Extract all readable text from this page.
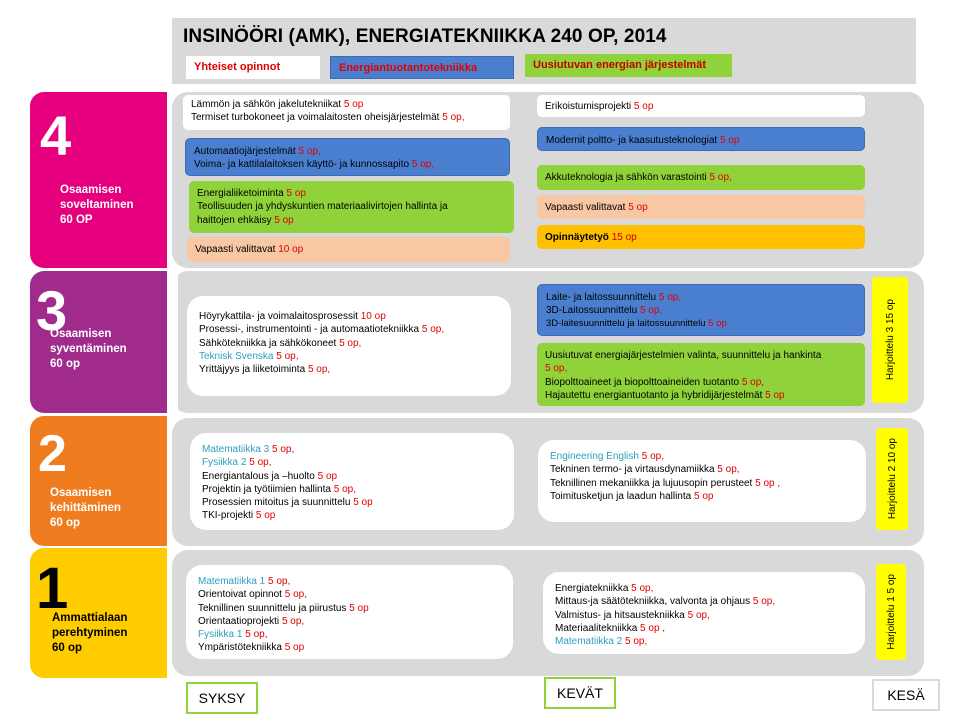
INSINÖÖRI (AMK), ENERGIATEKNIIKKA 240 OP, 2014
Yhteiset opinnot	Energiantuotantotekniikka	Uusiutuvan energian järjestelmät
4
Osaamisen
soveltaminen
60 OP
Lämmön ja sähkön jakelutekniikat 5 op
Termiset turbokoneet ja voimalaitosten oheisjärjestelmät 5 op,
Automaatiojärjestelmät 5 op,
Voima- ja kattilalaitoksen käyttö- ja kunnossapito 5 op,
Energialiiketoiminta 5 op
Teollisuuden ja yhdyskuntien materiaalivirtojen hallinta ja
haittojen ehkäisy 5 op
Vapaasti valittavat 10 op
Erikoistumisprojekti 5 op
Modernit poltto- ja kaasutusteknologiat 5 op
Akkuteknologia ja sähkön varastointi 5 op,
Vapaasti valittavat 5 op
Opinnäytetyö 15 op
3
Osaamisen
syventäminen
60 op
Höyrykattila- ja voimalaitosprosessit 10 op
Prosessi-, instrumentointi - ja automaatiotekniikka 5 op,
Sähkötekniikka ja sähkökoneet 5 op,
Teknisk Svenska 5 op,
Yrittäjyys ja liiketoiminta 5 op,
Laite- ja laitossuunnittelu 5 op,
3D-Laitossuunnittelu 5 op,
3D-laitesuunnittelu ja laitossuunnittelu 5 op
Uusiutuvat energiajärjestelmien valinta, suunnittelu ja hankinta
5 op,
Biopolttoaineet ja biopolttoaineiden tuotanto 5 op,
Hajautettu energiantuotanto ja hybridijärjestelmät 5 op
Harjoittelu 3 15 op
2
Osaamisen
kehittäminen
60 op
Matematiikka 3 5 op,
Fysiikka 2 5 op,
Energiantalous ja –huolto 5 op
Projektin ja työtiimien hallinta 5 op,
Prosessien mitoitus ja suunnittelu 5 op
TKI-projekti 5 op
Engineering English 5 op,
Tekninen termo- ja virtausdynamiikka 5 op,
Teknillinen mekaniikka ja lujuusopin perusteet 5 op ,
Toimitusketjun ja laadun hallinta 5 op	Harjoittelu 2 10 op
1
Ammattialaan
perehtyminen
60 op
Matematiikka 1 5 op,
Orientoivat opinnot 5 op,
Teknillinen suunnittelu ja piirustus 5 op
Orientaatioprojekti 5 op,
Fysiikka 1 5 op,
Ympäristötekniikka 5 op
Energiatekniikka 5 op,
Mittaus-ja säätötekniikka, valvonta ja ohjaus 5 op,
Valmistus- ja hitsaustekniikka 5 op,
Materiaalitekniikka 5 op ,
Matematiikka 2 5 op,	Harjoittelu 1 5 op
SYKSY	KEVÄT	KESÄ
